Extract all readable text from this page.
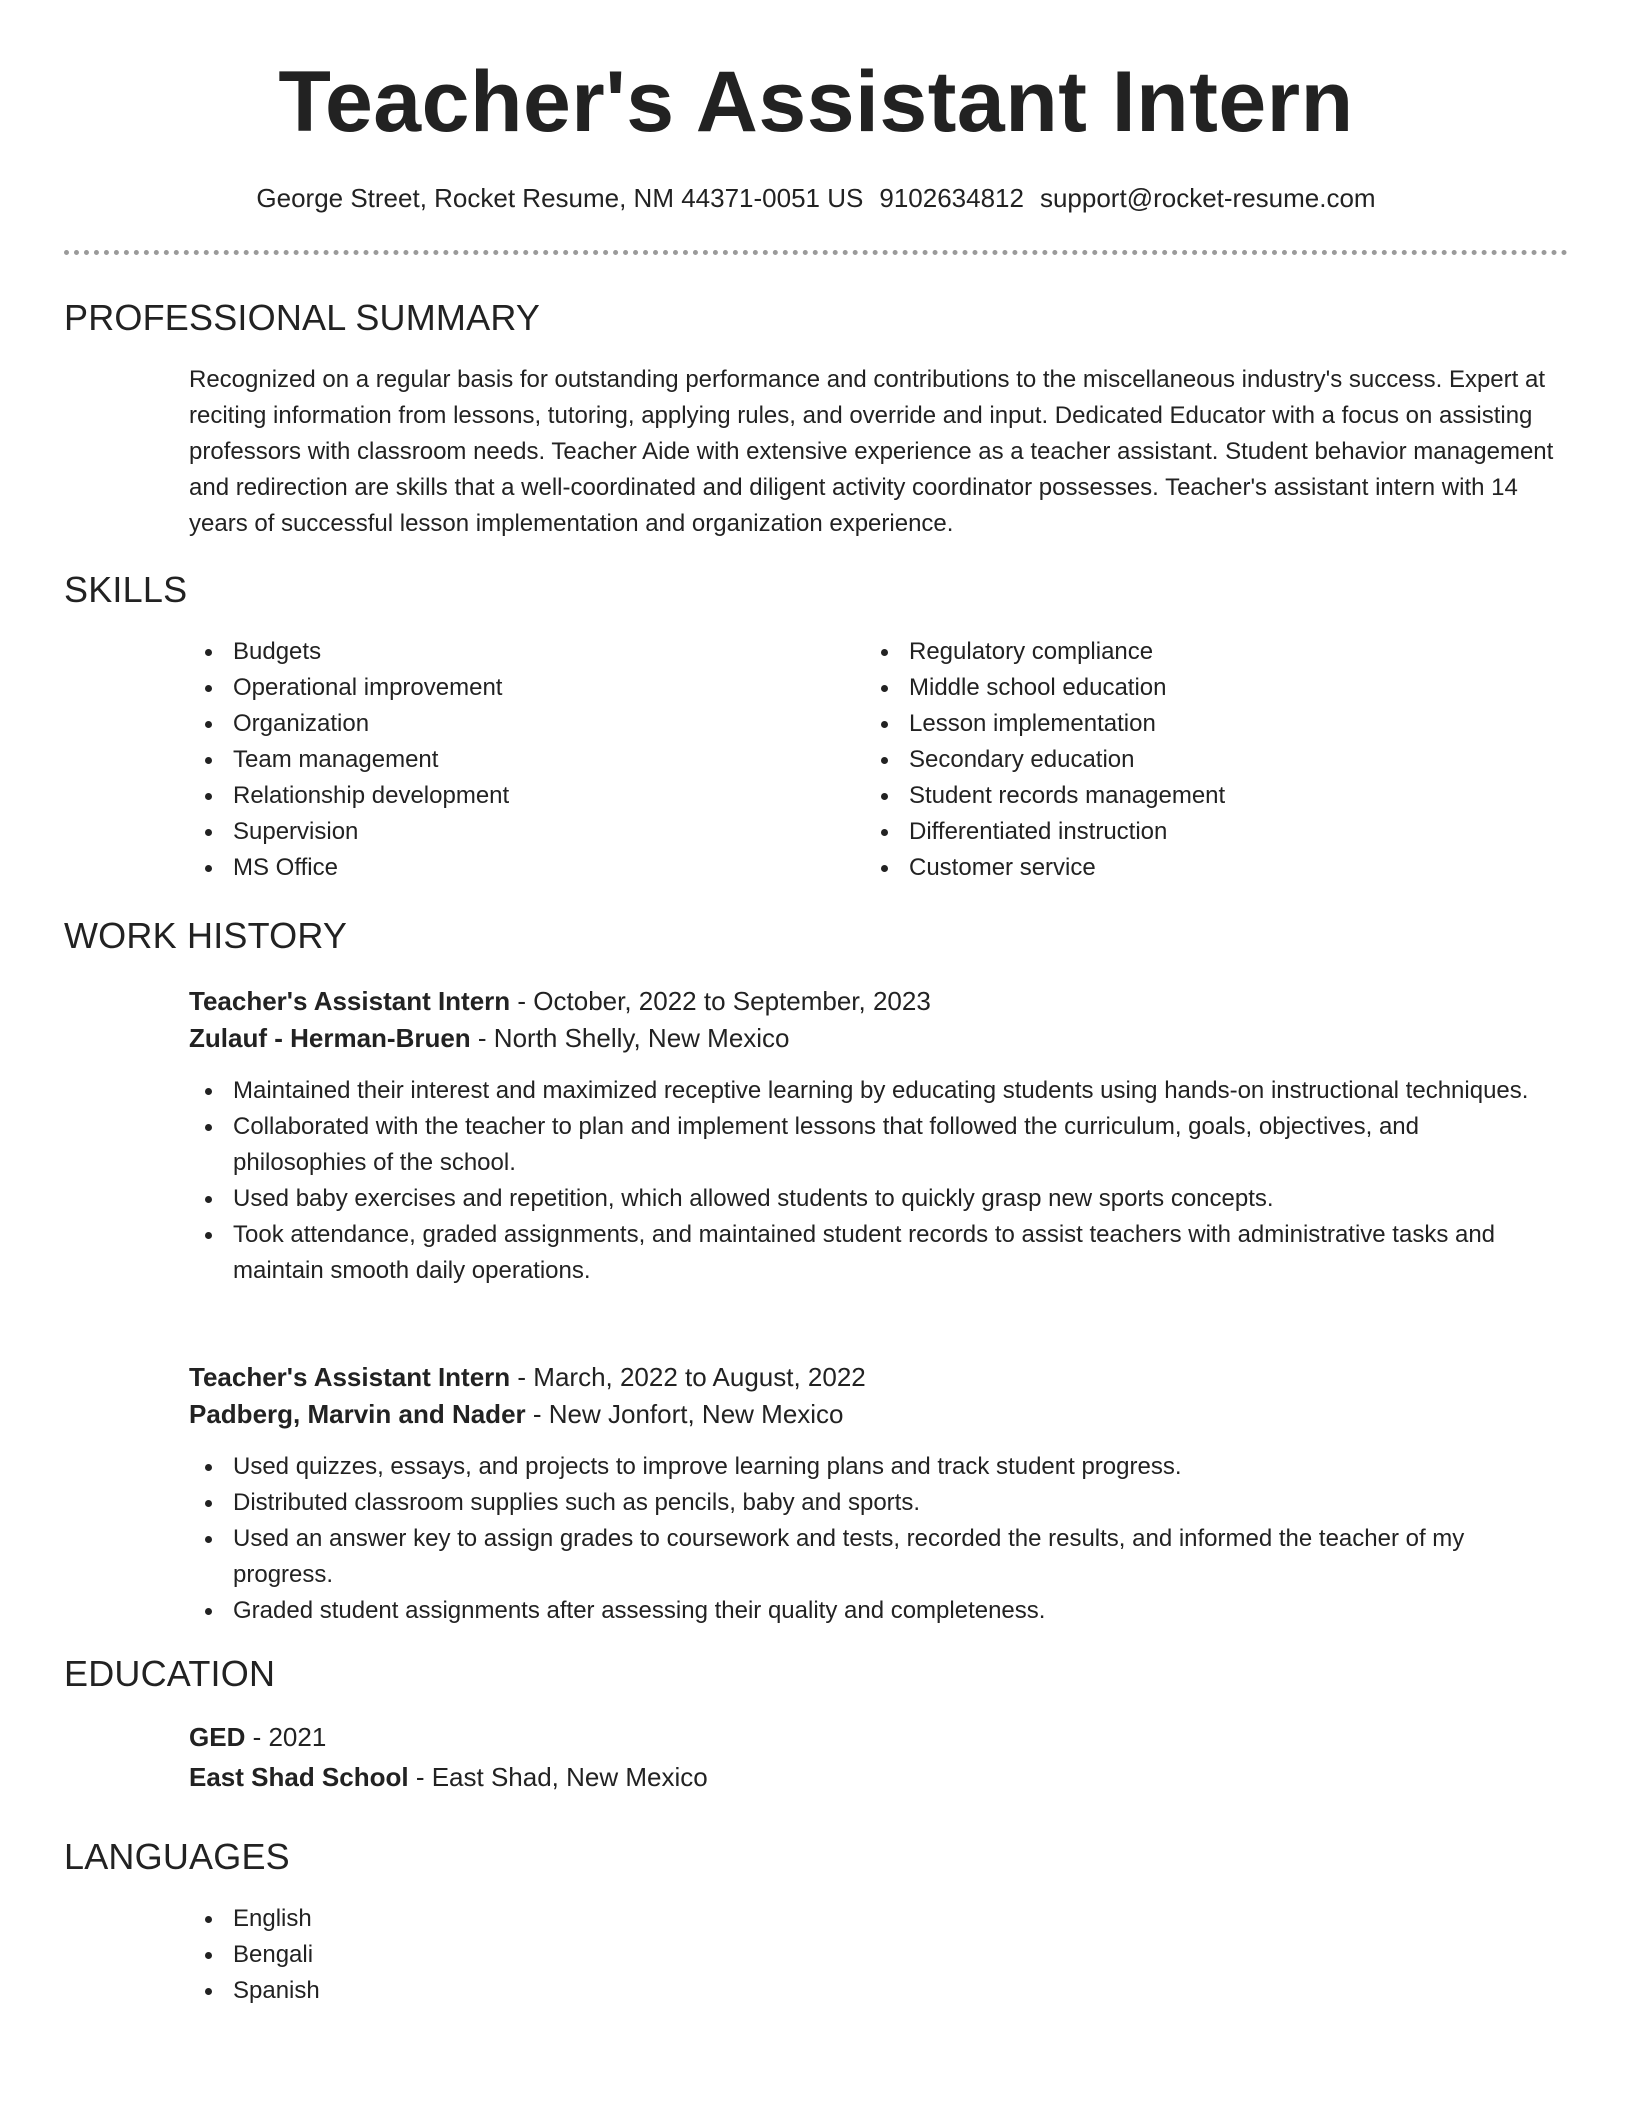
Teacher's Assistant Intern
George Street, Rocket Resume, NM 44371-0051 US 9102634812 support@rocket-resume.com
PROFESSIONAL SUMMARY

Recognized on a regular basis for outstanding performance and contributions to the miscellaneous industry's success. Expert at reciting information from lessons, tutoring, applying rules, and override and input. Dedicated Educator with a focus on assisting professors with classroom needs. Teacher Aide with extensive experience as a teacher assistant. Student behavior management and redirection are skills that a well-coordinated and diligent activity coordinator possesses. Teacher's assistant intern with 14 years of successful lesson implementation and organization experience.

SKILLS
Budgets
Operational improvement
Organization
Team management
Relationship development
Supervision
MS Office
Regulatory compliance
Middle school education
Lesson implementation
Secondary education
Student records management
Differentiated instruction
Customer service
WORK HISTORY
Teacher's Assistant Intern - October, 2022 to September, 2023
Zulauf - Herman-Bruen - North Shelly, New Mexico
Maintained their interest and maximized receptive learning by educating students using hands-on instructional techniques.
Collaborated with the teacher to plan and implement lessons that followed the curriculum, goals, objectives, and philosophies of the school.
Used baby exercises and repetition, which allowed students to quickly grasp new sports concepts.
Took attendance, graded assignments, and maintained student records to assist teachers with administrative tasks and maintain smooth daily operations.
Teacher's Assistant Intern - March, 2022 to August, 2022
Padberg, Marvin and Nader - New Jonfort, New Mexico
Used quizzes, essays, and projects to improve learning plans and track student progress.
Distributed classroom supplies such as pencils, baby and sports.
Used an answer key to assign grades to coursework and tests, recorded the results, and informed the teacher of my progress.
Graded student assignments after assessing their quality and completeness.
EDUCATION
GED - 2021
East Shad School - East Shad, New Mexico
LANGUAGES
English
Bengali
Spanish
